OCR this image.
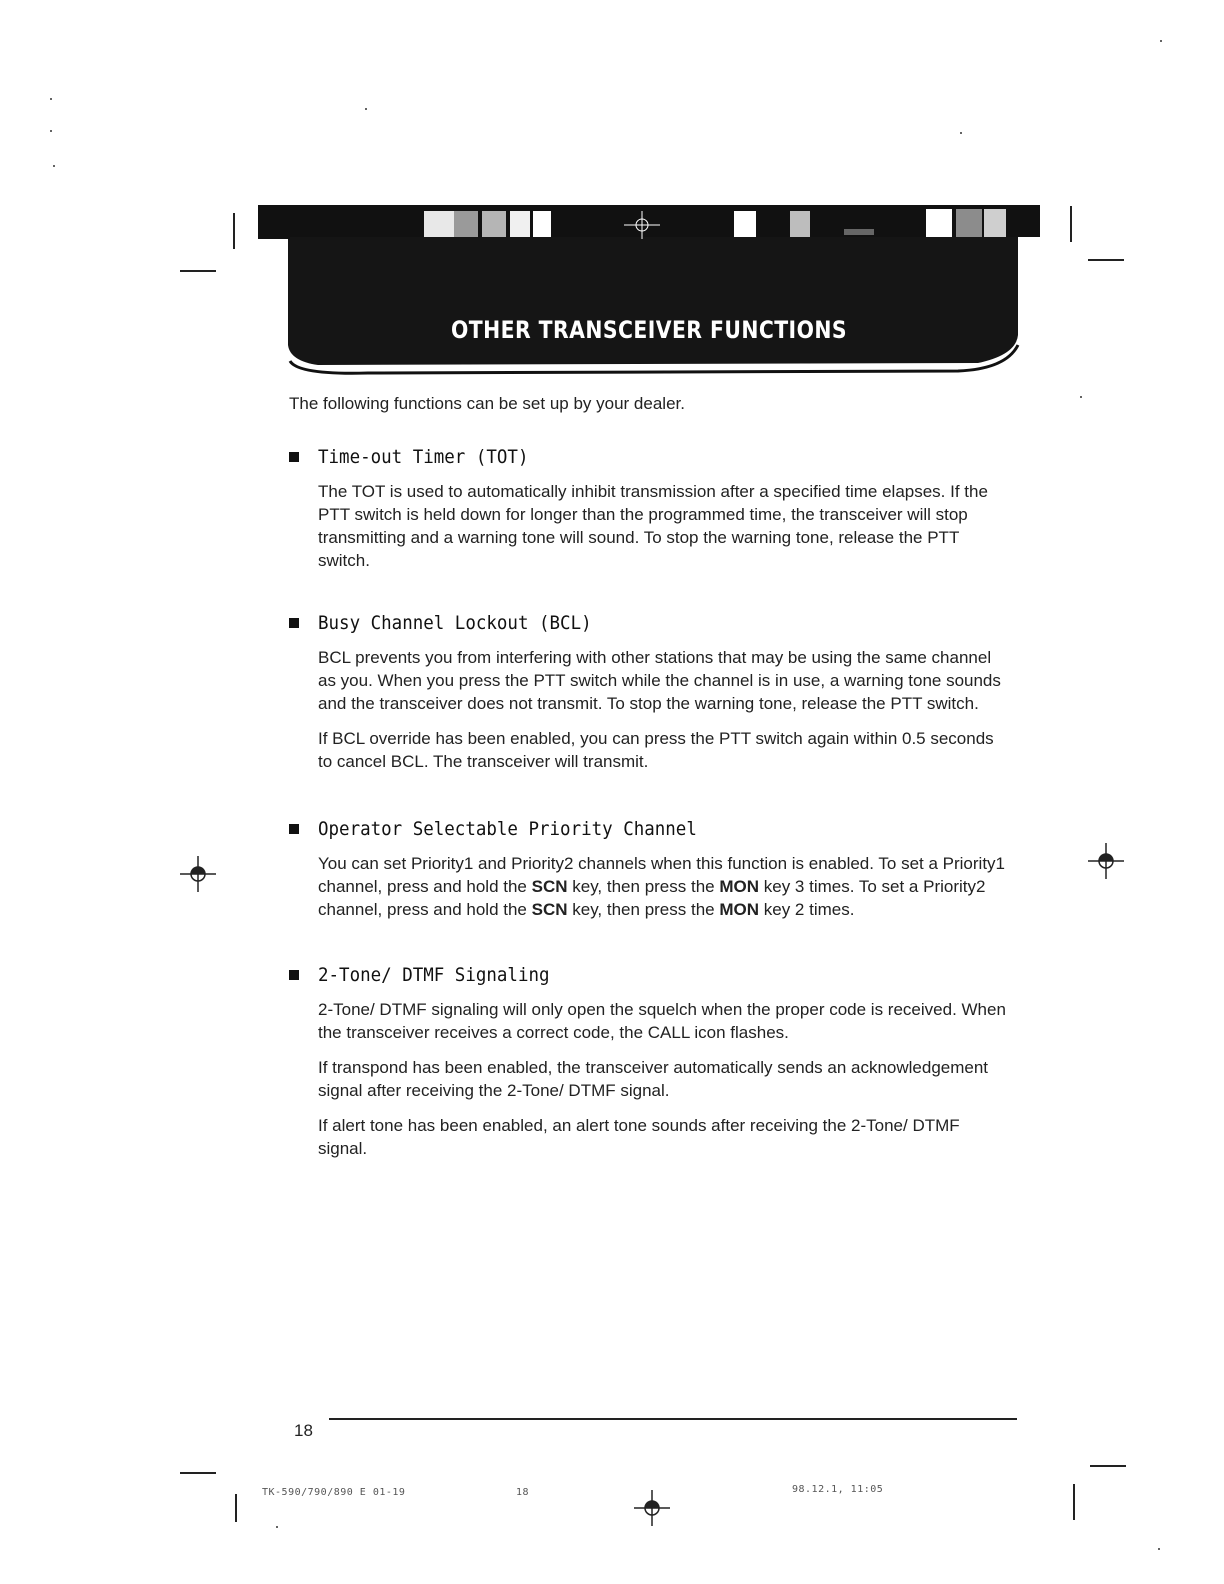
OTHER TRANSCEIVER FUNCTIONS
The following functions can be set up by your dealer.
Time-out Timer (TOT)

The TOT is used to automatically inhibit transmission after a specified time elapses. If the PTT switch is held down for longer than the programmed time, the transceiver will stop transmitting and a warning tone will sound. To stop the warning tone, release the PTT switch.

Busy Channel Lockout (BCL)

BCL prevents you from interfering with other stations that may be using the same channel as you. When you press the PTT switch while the channel is in use, a warning tone sounds and the transceiver does not transmit. To stop the warning tone, release the PTT switch.

If BCL override has been enabled, you can press the PTT switch again within 0.5 seconds to cancel BCL. The transceiver will transmit.

Operator Selectable Priority Channel

You can set Priority1 and Priority2 channels when this function is enabled. To set a Priority1 channel, press and hold the SCN key, then press the MON key 3 times. To set a Priority2 channel, press and hold the SCN key, then press the MON key 2 times.

2-Tone/ DTMF Signaling

2-Tone/ DTMF signaling will only open the squelch when the proper code is received. When the transceiver receives a correct code, the CALL icon flashes.

If transpond has been enabled, the transceiver automatically sends an acknowledgement signal after receiving the 2-Tone/ DTMF signal.

If alert tone has been enabled, an alert tone sounds after receiving the 2-Tone/ DTMF signal.

18
TK-590/790/890 E 01-19	18	98.12.1, 11:05
